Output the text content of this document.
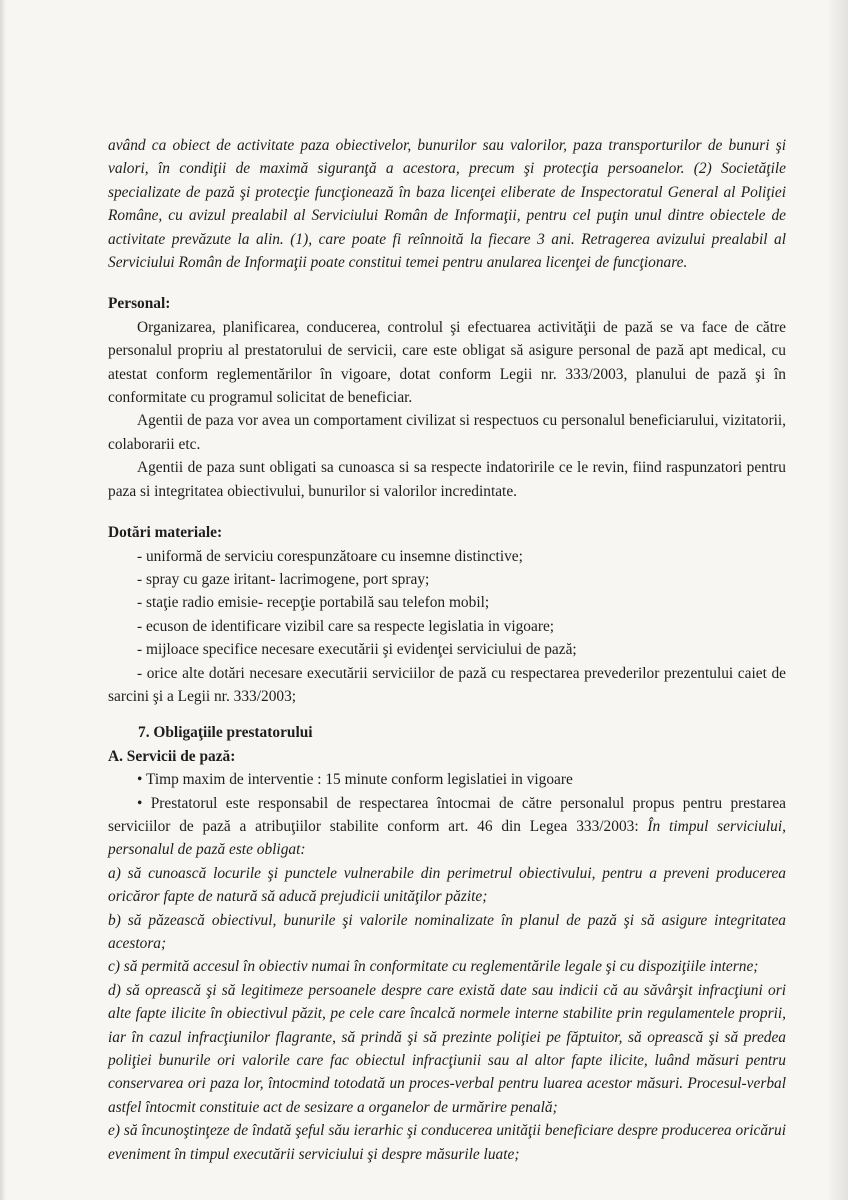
având ca obiect de activitate paza obiectivelor, bunurilor sau valorilor, paza transporturilor de bunuri şi valori, în condiţii de maximă siguranţă a acestora, precum şi protecţia persoanelor. (2) Societăţile specializate de pază şi protecţie funcţionează în baza licenţei eliberate de Inspectoratul General al Poliţiei Române, cu avizul prealabil al Serviciului Român de Informaţii, pentru cel puţin unul dintre obiectele de activitate prevăzute la alin. (1), care poate fi reînnoită la fiecare 3 ani. Retragerea avizului prealabil al Serviciului Român de Informaţii poate constitui temei pentru anularea licenţei de funcţionare.

Personal:

Organizarea, planificarea, conducerea, controlul şi efectuarea activităţii de pază se va face de către personalul propriu al prestatorului de servicii, care este obligat să asigure personal de pază apt medical, cu atestat conform reglementărilor în vigoare, dotat conform Legii nr. 333/2003, planului de pază şi în conformitate cu programul solicitat de beneficiar.

Agentii de paza vor avea un comportament civilizat si respectuos cu personalul beneficiarului, vizitatorii, colaborarii etc.

Agentii de paza sunt obligati sa cunoasca si sa respecte indatoririle ce le revin, fiind raspunzatori pentru paza si integritatea obiectivului, bunurilor si valorilor incredintate.

Dotări materiale:

- uniformă de serviciu corespunzătoare cu insemne distinctive;

- spray cu gaze iritant- lacrimogene, port spray;

- staţie radio emisie- recepţie portabilă sau telefon mobil;

- ecuson de identificare vizibil care sa respecte legislatia in vigoare;

- mijloace specifice necesare executării şi evidenţei serviciului de pază;

- orice alte dotări necesare executării serviciilor de pază cu respectarea prevederilor prezentului caiet de sarcini şi a Legii nr. 333/2003;

7. Obligaţiile prestatorului

A. Servicii de pază:

• Timp maxim de interventie : 15 minute conform legislatiei in vigoare

• Prestatorul este responsabil de respectarea întocmai de către personalul propus pentru prestarea serviciilor de pază a atribuţiilor stabilite conform art. 46 din Legea 333/2003: În timpul serviciului, personalul de pază este obligat:

a) să cunoască locurile şi punctele vulnerabile din perimetrul obiectivului, pentru a preveni producerea oricăror fapte de natură să aducă prejudicii unităţilor păzite;

b) să păzească obiectivul, bunurile şi valorile nominalizate în planul de pază şi să asigure integritatea acestora;

c) să permită accesul în obiectiv numai în conformitate cu reglementările legale şi cu dispoziţiile interne;

d) să oprească şi să legitimeze persoanele despre care există date sau indicii că au săvârşit infracţiuni ori alte fapte ilicite în obiectivul păzit, pe cele care încalcă normele interne stabilite prin regulamentele proprii, iar în cazul infracţiunilor flagrante, să prindă şi să prezinte poliţiei pe făptuitor, să oprească şi să predea poliţiei bunurile ori valorile care fac obiectul infracţiunii sau al altor fapte ilicite, luând măsuri pentru conservarea ori paza lor, întocmind totodată un proces-verbal pentru luarea acestor măsuri. Procesul-verbal astfel întocmit constituie act de sesizare a organelor de urmărire penală;

e) să încunoştinţeze de îndată şeful său ierarhic şi conducerea unităţii beneficiare despre producerea oricărui eveniment în timpul executării serviciului şi despre măsurile luate;
